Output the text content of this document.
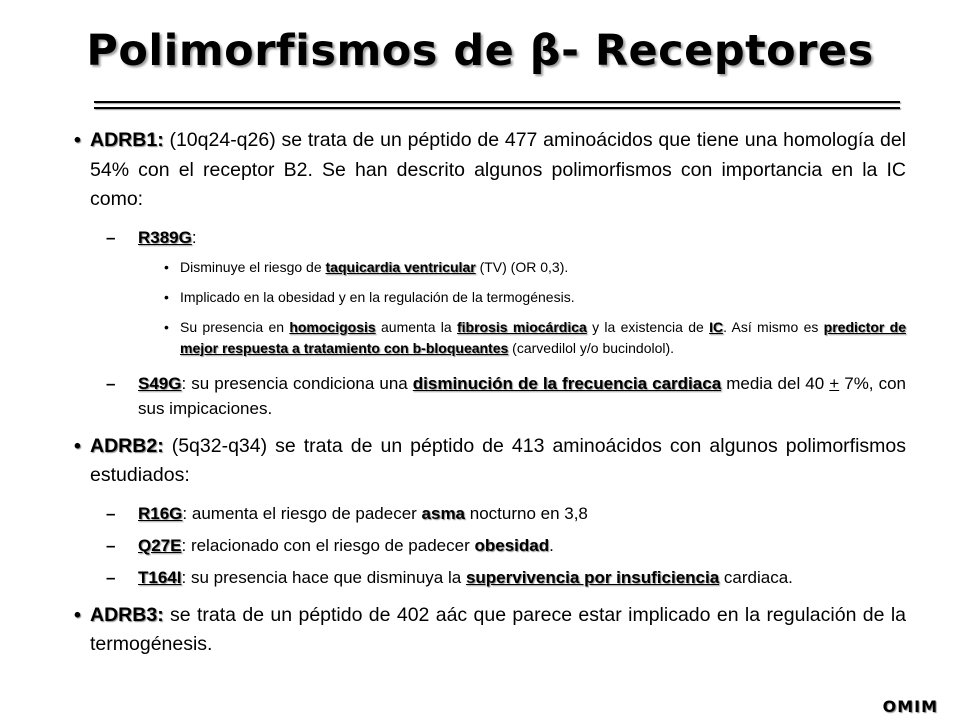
Polimorfismos de β- Receptores
• ADRB1: (10q24-q26) se trata de un péptido de 477 aminoácidos que tiene una homología del 54% con el receptor B2. Se han descrito algunos polimorfismos con importancia en la IC como:
– R389G:
• Disminuye el riesgo de taquicardia ventricular (TV) (OR 0,3).
• Implicado en la obesidad y en la regulación de la termogénesis.
• Su presencia en homocigosis aumenta la fibrosis miocárdica y la existencia de IC. Así mismo es predictor de mejor respuesta a tratamiento con b-bloqueantes (carvedilol y/o bucindolol).
– S49G: su presencia condiciona una disminución de la frecuencia cardiaca media del 40 + 7%, con sus impicaciones.
• ADRB2: (5q32-q34) se trata de un péptido de 413 aminoácidos con algunos polimorfismos estudiados:
– R16G: aumenta el riesgo de padecer asma nocturno en 3,8
– Q27E: relacionado con el riesgo de padecer obesidad.
– T164I: su presencia hace que disminuya la supervivencia por insuficiencia cardiaca.
• ADRB3: se trata de un péptido de 402 aác que parece estar implicado en la regulación de la termogénesis.
OMIM
